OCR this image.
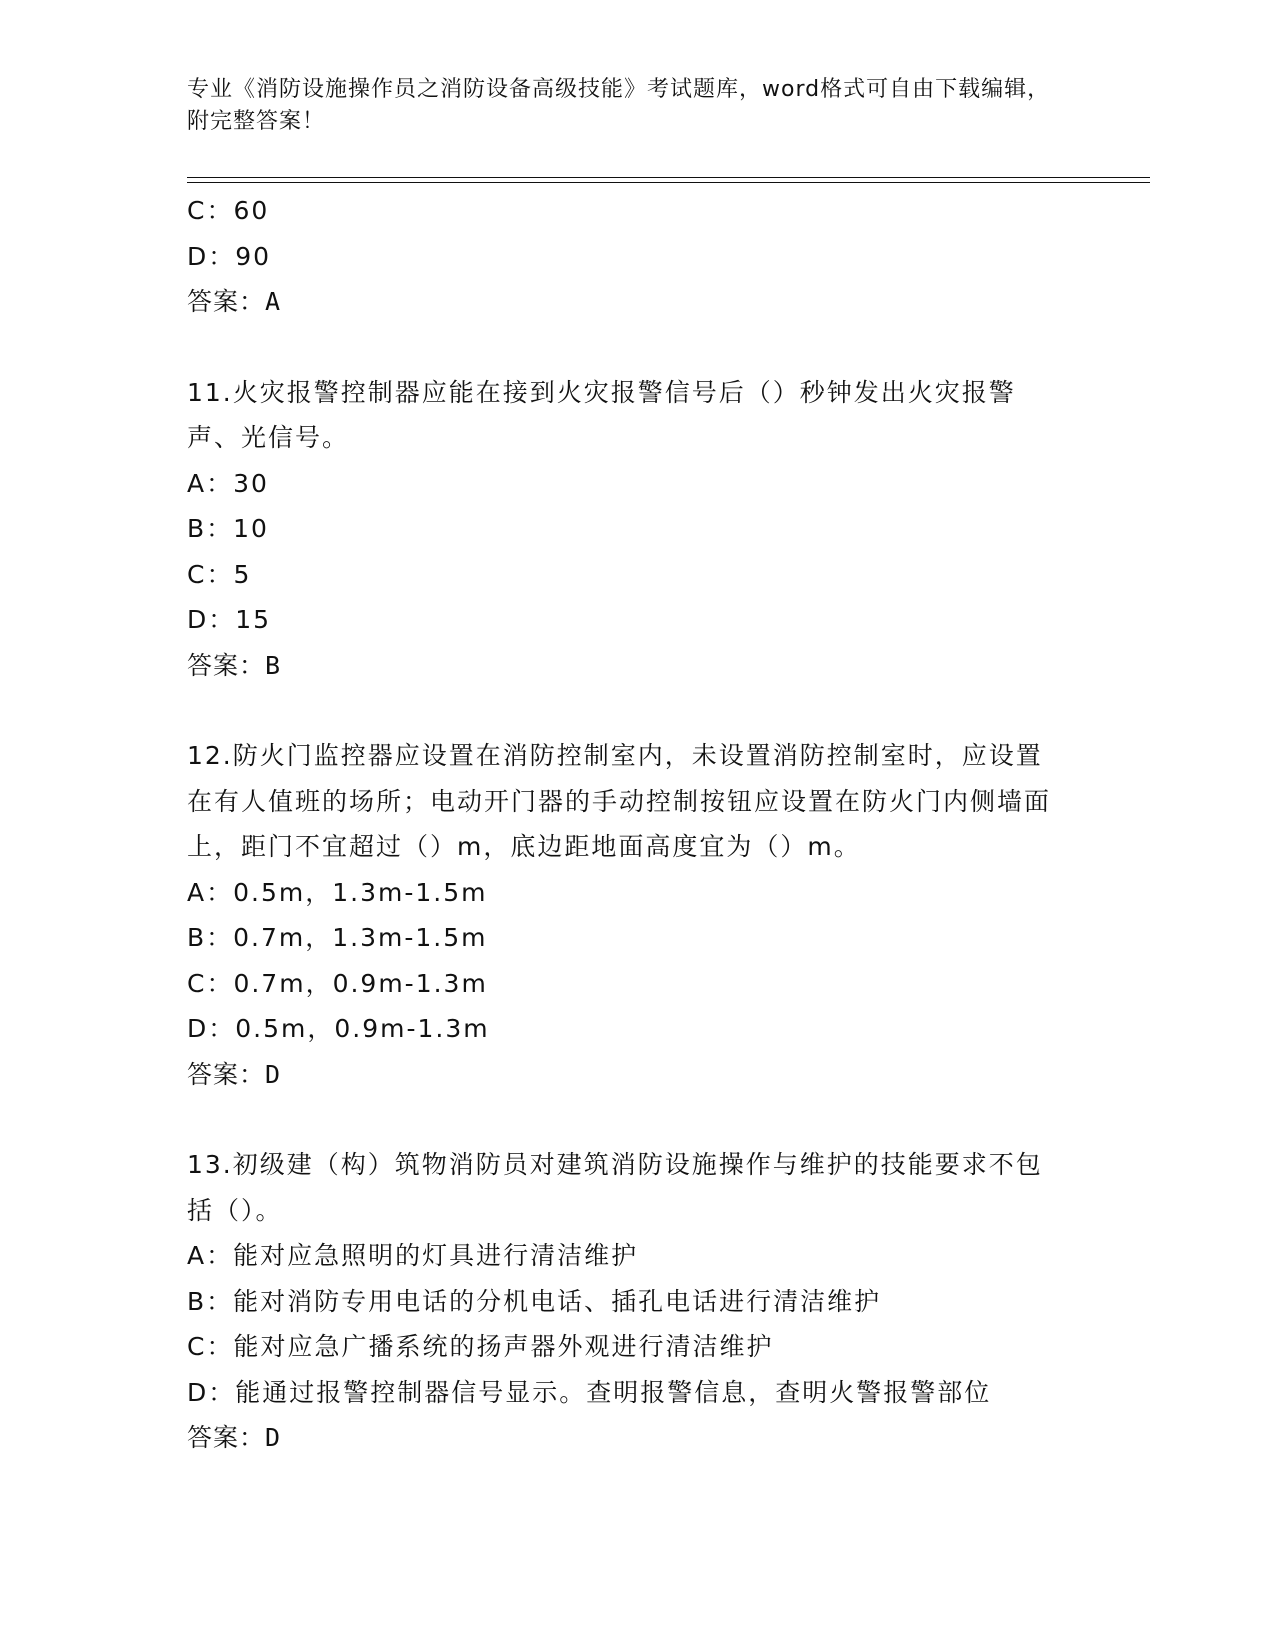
专业《消防设施操作员之消防设备高级技能》考试题库，word格式可自由下载编辑，附完整答案！
C：60
D：90
答案：A
11.火灾报警控制器应能在接到火灾报警信号后（）秒钟发出火灾报警声、光信号。
A：30
B：10
C：5
D：15
答案：B
12.防火门监控器应设置在消防控制室内，未设置消防控制室时，应设置在有人值班的场所；电动开门器的手动控制按钮应设置在防火门内侧墙面上，距门不宜超过（）m，底边距地面高度宜为（）m。
A：0.5m，1.3m-1.5m
B：0.7m，1.3m-1.5m
C：0.7m，0.9m-1.3m
D：0.5m，0.9m-1.3m
答案：D
13.初级建（构）筑物消防员对建筑消防设施操作与维护的技能要求不包括（）。
A：能对应急照明的灯具进行清洁维护
B：能对消防专用电话的分机电话、插孔电话进行清洁维护
C：能对应急广播系统的扬声器外观进行清洁维护
D：能通过报警控制器信号显示。查明报警信息，查明火警报警部位
答案：D
